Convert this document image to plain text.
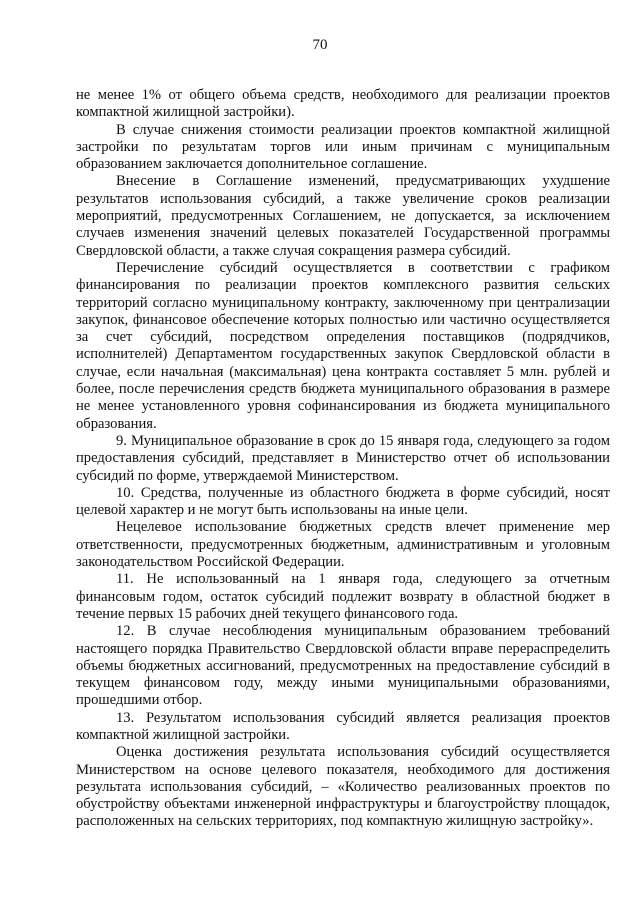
70

не менее 1% от общего объема средств, необходимого для реализации проектов компактной жилищной застройки).

В случае снижения стоимости реализации проектов компактной жилищной застройки по результатам торгов или иным причинам с муниципальным образованием заключается дополнительное соглашение.

Внесение в Соглашение изменений, предусматривающих ухудшение результатов использования субсидий, а также увеличение сроков реализации мероприятий, предусмотренных Соглашением, не допускается, за исключением случаев изменения значений целевых показателей Государственной программы Свердловской области, а также случая сокращения размера субсидий.

Перечисление субсидий осуществляется в соответствии с графиком финансирования по реализации проектов комплексного развития сельских территорий согласно муниципальному контракту, заключенному при централизации закупок, финансовое обеспечение которых полностью или частично осуществляется за счет субсидий, посредством определения поставщиков (подрядчиков, исполнителей) Департаментом государственных закупок Свердловской области в случае, если начальная (максимальная) цена контракта составляет 5 млн. рублей и более, после перечисления средств бюджета муниципального образования в размере не менее установленного уровня софинансирования из бюджета муниципального образования.

9. Муниципальное образование в срок до 15 января года, следующего за годом предоставления субсидий, представляет в Министерство отчет об использовании субсидий по форме, утверждаемой Министерством.

10. Средства, полученные из областного бюджета в форме субсидий, носят целевой характер и не могут быть использованы на иные цели.

Нецелевое использование бюджетных средств влечет применение мер ответственности, предусмотренных бюджетным, административным и уголовным законодательством Российской Федерации.

11. Не использованный на 1 января года, следующего за отчетным финансовым годом, остаток субсидий подлежит возврату в областной бюджет в течение первых 15 рабочих дней текущего финансового года.

12. В случае несоблюдения муниципальным образованием требований настоящего порядка Правительство Свердловской области вправе перераспределить объемы бюджетных ассигнований, предусмотренных на предоставление субсидий в текущем финансовом году, между иными муниципальными образованиями, прошедшими отбор.

13. Результатом использования субсидий является реализация проектов компактной жилищной застройки.

Оценка достижения результата использования субсидий осуществляется Министерством на основе целевого показателя, необходимого для достижения результата использования субсидий, – «Количество реализованных проектов по обустройству объектами инженерной инфраструктуры и благоустройству площадок, расположенных на сельских территориях, под компактную жилищную застройку».
